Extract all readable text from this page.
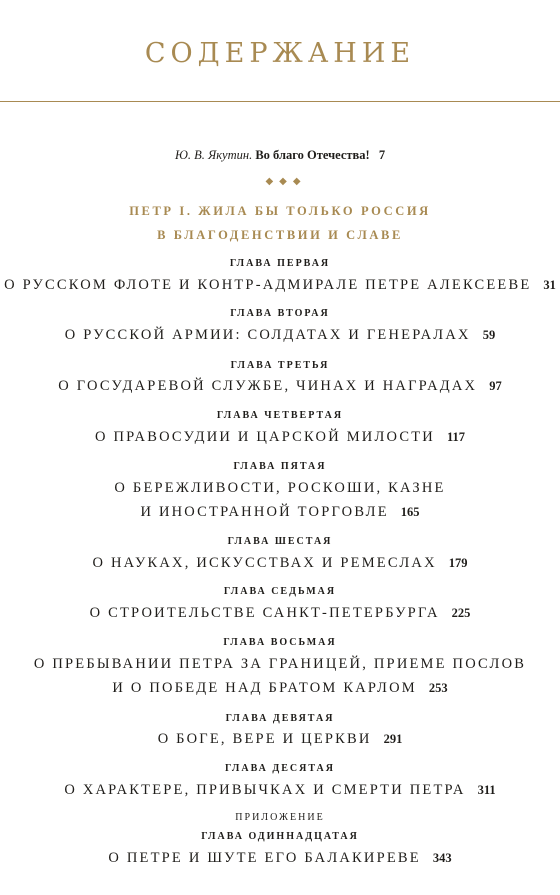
СОДЕРЖАНИЕ
Ю. В. Якутин. Во благо Отечества! 7
◆◆◆
ПЕТР I. ЖИЛА БЫ ТОЛЬКО РОССИЯ
В БЛАГОДЕНСТВИИ И СЛАВЕ
ГЛАВА ПЕРВАЯ
О РУССКОМ ФЛОТЕ И КОНТР-АДМИРАЛЕ ПЕТРЕ АЛЕКСЕЕВЕ 31
ГЛАВА ВТОРАЯ
О РУССКОЙ АРМИИ: СОЛДАТАХ И ГЕНЕРАЛАХ 59
ГЛАВА ТРЕТЬЯ
О ГОСУДАРЕВОЙ СЛУЖБЕ, ЧИНАХ И НАГРАДАХ 97
ГЛАВА ЧЕТВЕРТАЯ
О ПРАВОСУДИИ И ЦАРСКОЙ МИЛОСТИ 117
ГЛАВА ПЯТАЯ
О БЕРЕЖЛИВОСТИ, РОСКОШИ, КАЗНЕ
И ИНОСТРАННОЙ ТОРГОВЛЕ 165
ГЛАВА ШЕСТАЯ
О НАУКАХ, ИСКУССТВАХ И РЕМЕСЛАХ 179
ГЛАВА СЕДЬМАЯ
О СТРОИТЕЛЬСТВЕ САНКТ-ПЕТЕРБУРГА 225
ГЛАВА ВОСЬМАЯ
О ПРЕБЫВАНИИ ПЕТРА ЗА ГРАНИЦЕЙ, ПРИЕМЕ ПОСЛОВ
И О ПОБЕДЕ НАД БРАТОМ КАРЛОМ 253
ГЛАВА ДЕВЯТАЯ
О БОГЕ, ВЕРЕ И ЦЕРКВИ 291
ГЛАВА ДЕСЯТАЯ
О ХАРАКТЕРЕ, ПРИВЫЧКАХ И СМЕРТИ ПЕТРА 311
ПРИЛОЖЕНИЕ
ГЛАВА ОДИННАДЦАТАЯ
О ПЕТРЕ И ШУТЕ ЕГО БАЛАКИРЕВЕ 343
